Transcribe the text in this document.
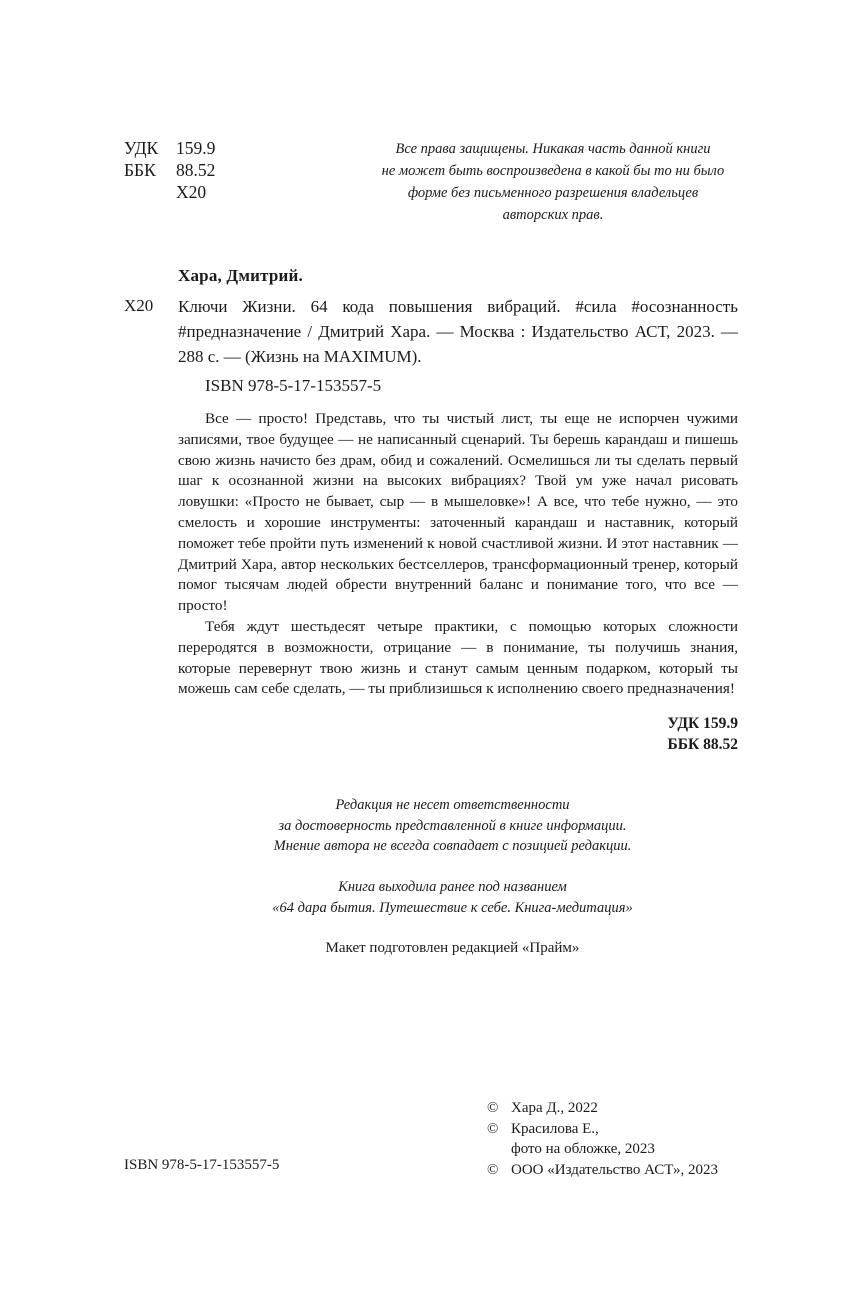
УДК	159.9
ББК	88.52
Х20
Все права защищены. Никакая часть данной книги
не может быть воспроизведена в какой бы то ни было
форме без письменного разрешения владельцев
авторских прав.
Хара, Дмитрий.
Х20 Ключи Жизни. 64 кода повышения вибраций. #сила #осознанность #предназначение / Дмитрий Хара. — Москва : Издательство АСТ, 2023. — 288 с. — (Жизнь на MAXIMUM).

ISBN 978-5-17-153557-5

Все — просто! Представь, что ты чистый лист, ты еще не испорчен чужими записями, твое будущее — не написанный сценарий. Ты берешь карандаш и пишешь свою жизнь начисто без драм, обид и сожалений. Осмелишься ли ты сделать первый шаг к осознанной жизни на высоких вибрациях? Твой ум уже начал рисовать ловушки: «Просто не бывает, сыр — в мышеловке»! А все, что тебе нужно, — это смелость и хорошие инструменты: заточенный карандаш и наставник, который поможет тебе пройти путь изменений к новой счастливой жизни. И этот наставник — Дмитрий Хара, автор нескольких бестселлеров, трансформационный тренер, который помог тысячам людей обрести внутренний баланс и понимание того, что все — просто!

Тебя ждут шестьдесят четыре практики, с помощью которых сложности переродятся в возможности, отрицание — в понимание, ты получишь знания, которые перевернут твою жизнь и станут самым ценным подарком, который ты можешь сам себе сделать, — ты приблизишься к исполнению своего предназначения!

УДК 159.9
ББК 88.52
Редакция не несет ответственности
за достоверность представленной в книге информации.
Мнение автора не всегда совпадает с позицией редакции.
Книга выходила ранее под названием
«64 дара бытия. Путешествие к себе. Книга-медитация»
Макет подготовлен редакцией «Прайм»
© Хара Д., 2022
© Красилова Е.,
фото на обложке, 2023
© ООО «Издательство АСТ», 2023
ISBN 978-5-17-153557-5
